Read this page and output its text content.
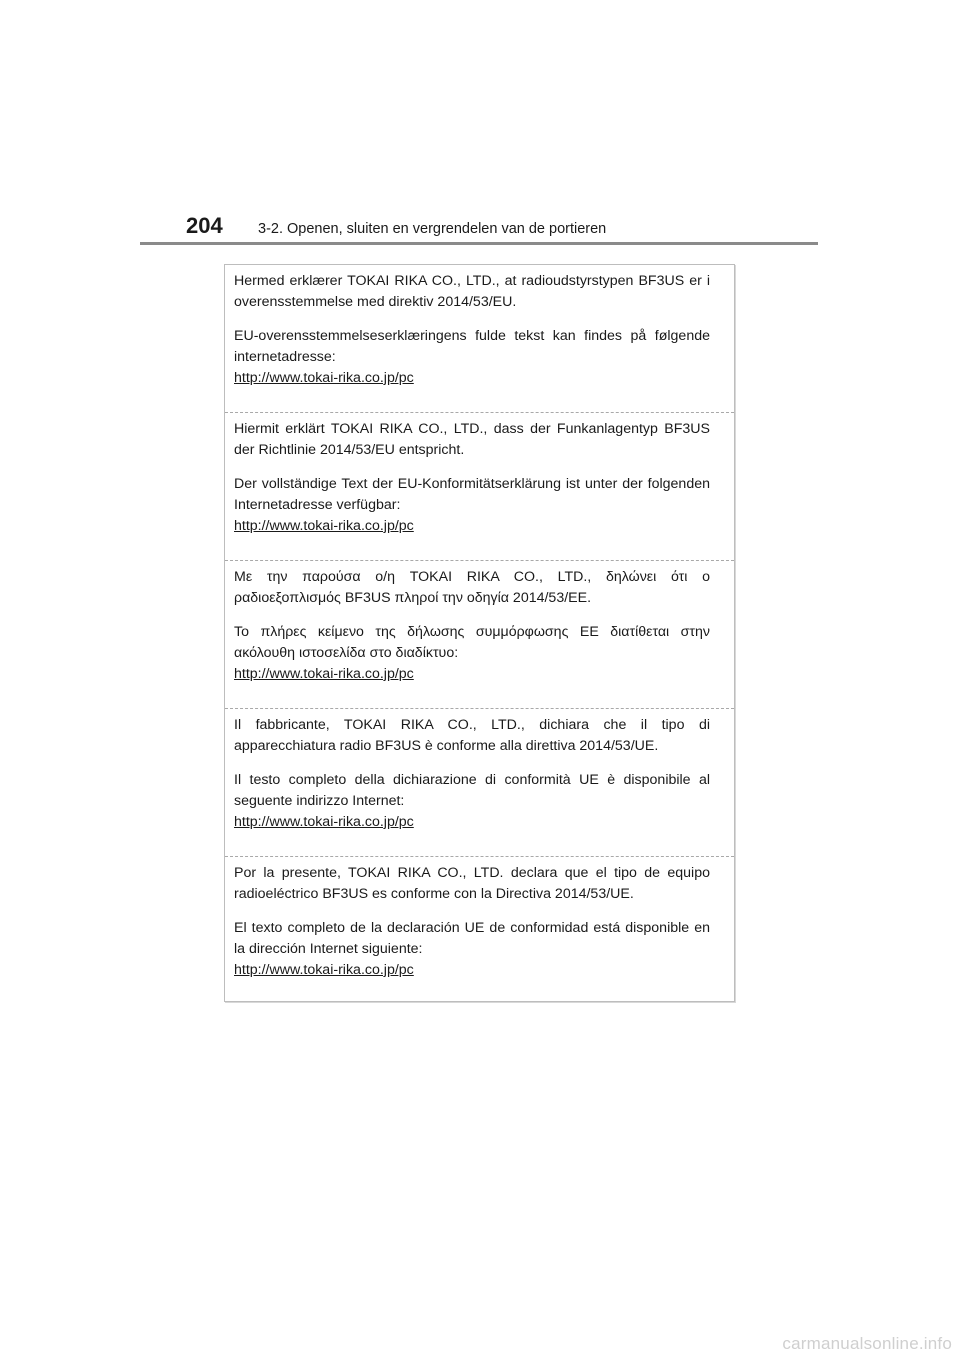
204 3-2. Openen, sluiten en vergrendelen van de portieren

Hermed erklærer TOKAI RIKA CO., LTD., at radioudstyrstypen BF3US er i overensstemmelse med direktiv 2014/53/EU.

EU-overensstemmelseserklæringens fulde tekst kan findes på følgende internetadresse:

http://www.tokai-rika.co.jp/pc

Hiermit erklärt TOKAI RIKA CO., LTD., dass der Funkanlagentyp BF3US der Richtlinie 2014/53/EU entspricht.

Der vollständige Text der EU-Konformitätserklärung ist unter der folgenden Internetadresse verfügbar:

http://www.tokai-rika.co.jp/pc

Με την παρούσα ο/η TOKAI RIKA CO., LTD., δηλώνει ότι ο ραδιοεξοπλισμός BF3US πληροί την οδηγία 2014/53/ΕΕ.

Το πλήρες κείμενο της δήλωσης συμμόρφωσης ΕΕ διατίθεται στην ακόλουθη ιστοσελίδα στο διαδίκτυο:

http://www.tokai-rika.co.jp/pc

Il fabbricante, TOKAI RIKA CO., LTD., dichiara che il tipo di apparecchiatura radio BF3US è conforme alla direttiva 2014/53/UE.

Il testo completo della dichiarazione di conformità UE è disponibile al seguente indirizzo Internet:

http://www.tokai-rika.co.jp/pc

Por la presente, TOKAI RIKA CO., LTD. declara que el tipo de equipo radioeléctrico BF3US es conforme con la Directiva 2014/53/UE.

El texto completo de la declaración UE de conformidad está disponible en la dirección Internet siguiente:

http://www.tokai-rika.co.jp/pc
carmanualsonline.info
